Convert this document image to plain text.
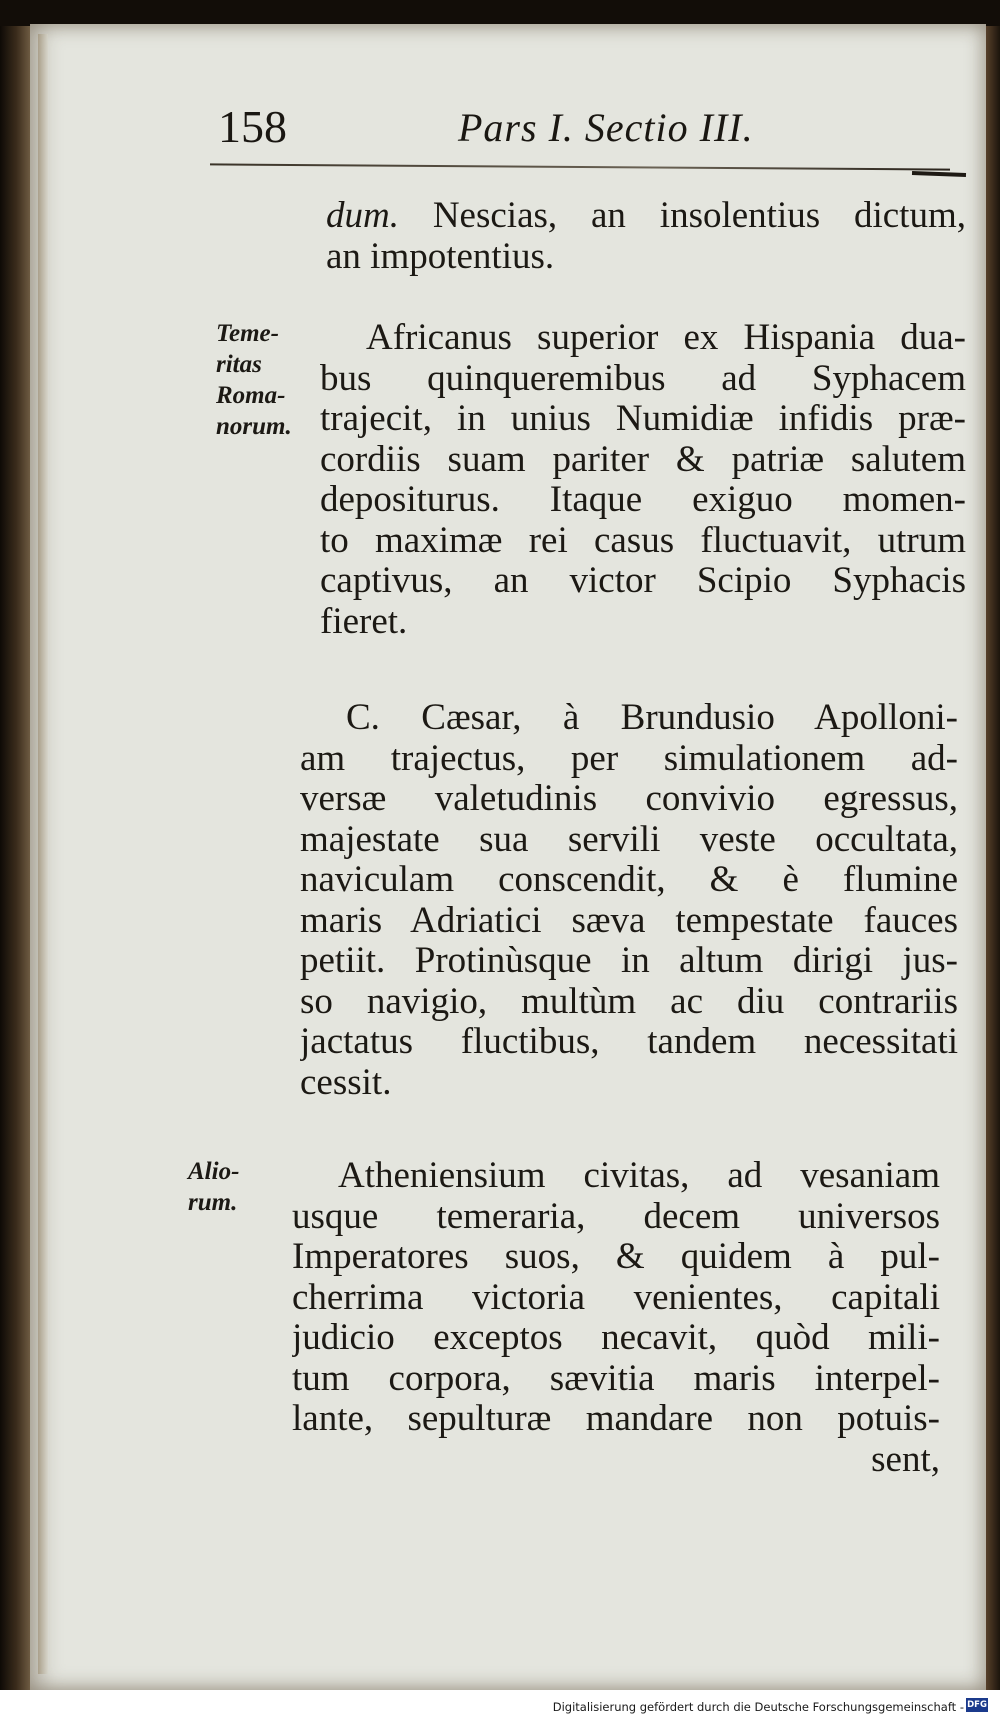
158	Pars I. Sectio III.
dum. Nescias, an insolentius dictum,
an impotentius.
Teme-
ritas
Roma-
norum.
Africanus superior ex Hispania dua-
bus quinqueremibus ad Syphacem
trajecit, in unius Numidiæ infidis præ-
cordiis suam pariter & patriæ salutem
depositurus. Itaque exiguo momen-
to maximæ rei casus fluctuavit, utrum
captivus, an victor Scipio Syphacis
fieret.
C. Cæsar, à Brundusio Apolloni-
am trajectus, per simulationem ad-
versæ valetudinis convivio egressus,
majestate sua servili veste occultata,
naviculam conscendit, & è flumine
maris Adriatici sæva tempestate fauces
petiit. Protinùsque in altum dirigi jus-
so navigio, multùm ac diu contrariis
jactatus fluctibus, tandem necessitati
cessit.
Alio-
rum.
Atheniensium civitas, ad vesaniam
usque temeraria, decem universos
Imperatores suos, & quidem à pul-
cherrima victoria venientes, capitali
judicio exceptos necavit, quòd mili-
tum corpora, sævitia maris interpel-
lante, sepulturæ mandare non potuis-
sent,
Digitalisierung gefördert durch die Deutsche Forschungsgemeinschaft - DFG
